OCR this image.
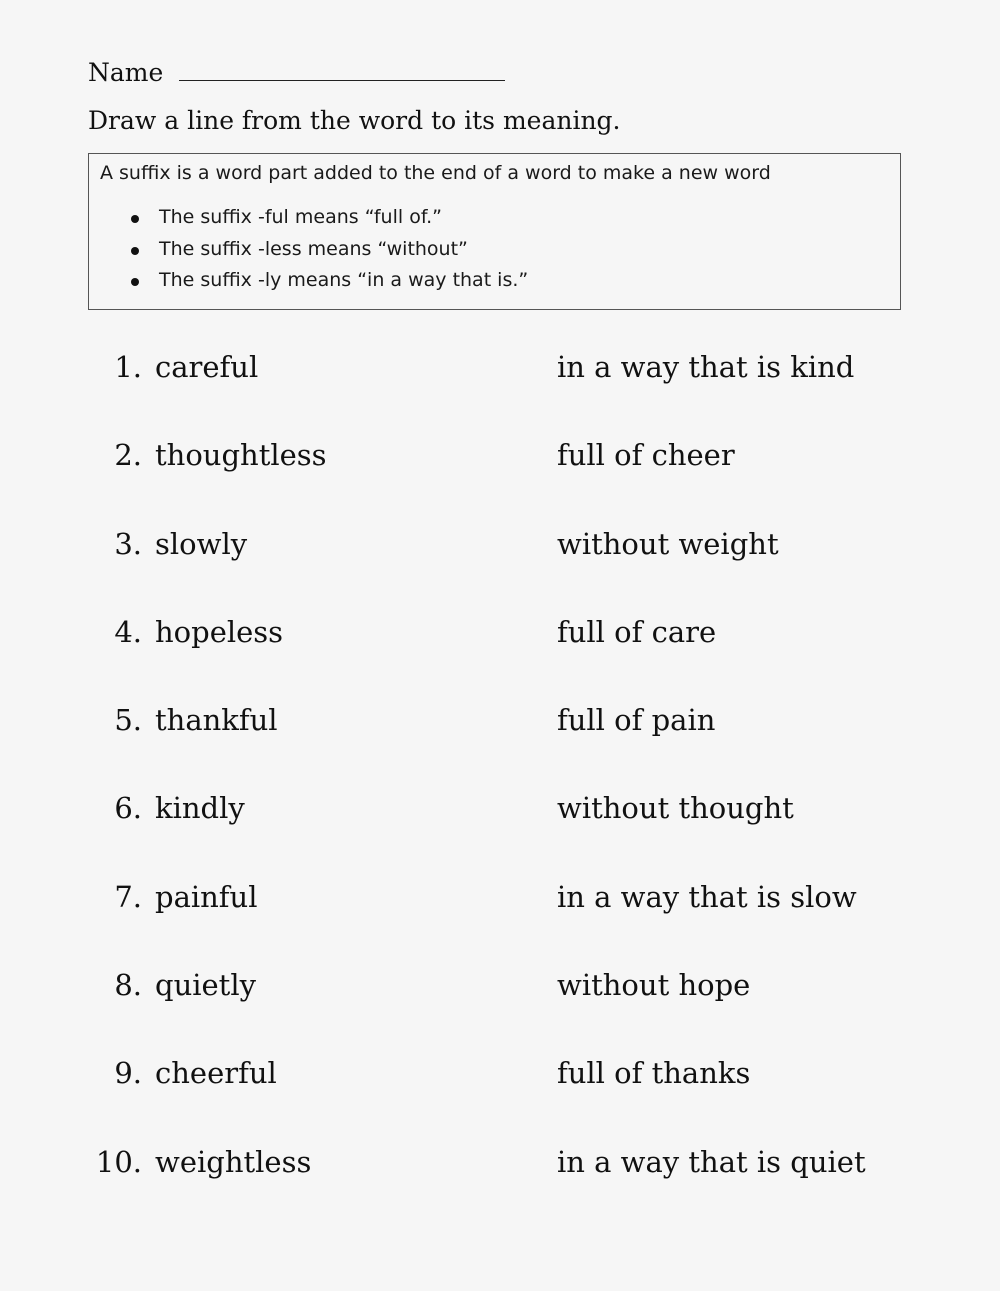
Name
Draw a line from the word to its meaning.
A suffix is a word part added to the end of a word to make a new word
The suffix -ful means “full of.”
The suffix -less means “without”
The suffix -ly means “in a way that is.”
1. careful	in a way that is kind
2. thoughtless	full of cheer
3. slowly	without weight
4. hopeless	full of care
5. thankful	full of pain
6. kindly	without thought
7. painful	in a way that is slow
8. quietly	without hope
9. cheerful	full of thanks
10. weightless	in a way that is quiet
